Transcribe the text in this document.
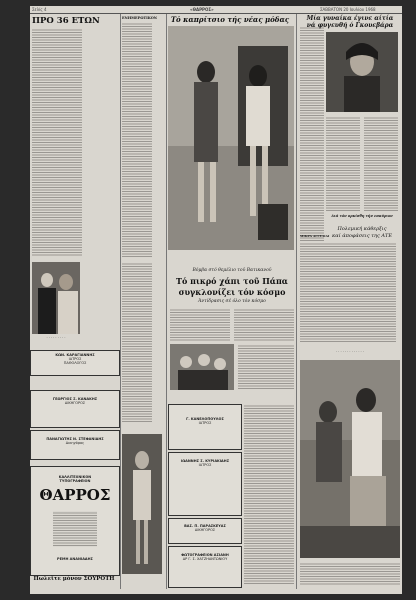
Σελίς 4	«ΘΑΡΡΟΣ»	ΣΑΒΒΑΤΟΝ 20 Ιουλίου 1968
ΠΡΟ 36 ΕΤΩΝ
· · · · · · · · ·
ΕΝΗΜΕΡΩΤΙΚΟΝ
ΚΩΝ. ΚΑΡΑΓΙΑΝΝΗΣ
ΙΑΤΡΟΣ
ΠΑΘΟΛΟΓΟΣ
ΓΕΩΡΓΙΟΣ Σ. ΚΑΝΑΚΗΣ
ΔΙΚΗΓΟΡΟΣ
ΠΑΝΑΓΙΩΤΗΣ Ν. ΣΤΕΦΑΝΙΔΗΣ
Δικηγόρος
ΚΑΛΛΙΤΕΧΝΙΚΟΝ
ΤΥΠΟΓΡΑΦΕΙΟΝ
ΘΑΡΡΟΣ
ΡΕΜΗ ΑΝΑΝΙΑΔΗΣ
Πωλεῖτε μόνον ΣΟΥΡΟΤΗ
Τό καπρίτσιο τής νέας μόδας
Βόμβα στό θεμέλιο τοῦ Βατικανοῦ
Τό πικρό χάπι τοῦ Πάπα
συγκλονίζει τόν κόσμο
Άντίδρασις σέ όλο τόν κόσμο
Γ. ΚΑΝΕΛΟΠΟΥΛΟΣ
ΙΑΤΡΟΣ
ΙΩΑΝΝΗΣ Σ. ΚΥΡΙΑΚΙΔΗΣ
ΙΑΤΡΟΣ
ΒΑΣ. Π. ΠΑΡΑΣΚΕΥΑΣ
ΔΙΚΗΓΟΡΟΣ
ΦΩΤΟΓΡΑΦΕΙΟΝ ΑΣΙΑΝΗ
ΔΡ Γ. Σ. ΧΑΤΖΗΑΝΤΩΝΙΟΥ
Μία γυναίκα έγινε αίτία
νά φυγευθή ό Γκουεβάρα
Διά τόν ορκίσθη τήν επαύριον
Πολεμική κάθερξις
καί άποφάσεις της ΑΤΕ
ΜΙΚΡΑ ΑΓΓΕΛΙΑΙ
· · · · · · · · · · · · ·
